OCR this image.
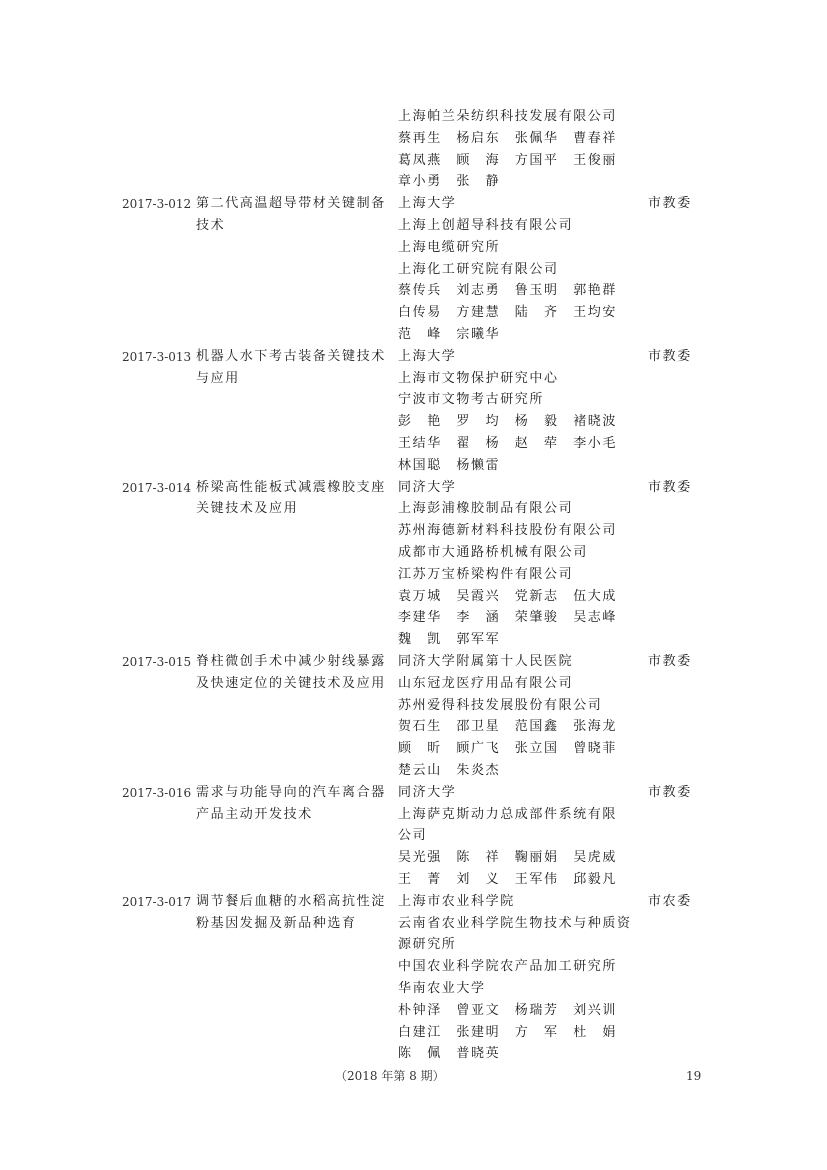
上海帕兰朵纺织科技发展有限公司
蔡再生　杨启东　张佩华　曹春祥
葛凤燕　顾　海　方国平　王俊丽
章小勇　张　静
2017-3-012 第二代高温超导带材关键制备
技术
市教委
上海大学
上海上创超导科技有限公司
上海电缆研究所
上海化工研究院有限公司
蔡传兵　刘志勇　鲁玉明　郭艳群
白传易　方建慧　陆　齐　王均安
范　峰　宗曦华
2017-3-013 机器人水下考古装备关键技术
与应用
市教委
上海大学
上海市文物保护研究中心
宁波市文物考古研究所
彭　艳　罗　均　杨　毅　褚晓波
王结华　翟　杨　赵　荦　李小毛
林国聪　杨懒雷
2017-3-014 桥梁高性能板式减震橡胶支座
关键技术及应用
市教委
同济大学
上海彭浦橡胶制品有限公司
苏州海德新材料科技股份有限公司
成都市大通路桥机械有限公司
江苏万宝桥梁构件有限公司
袁万城　吴霞兴　党新志　伍大成
李建华　李　涵　荣肇骏　吴志峰
魏　凯　郭军军
2017-3-015 脊柱微创手术中减少射线暴露
及快速定位的关键技术及应用
市教委
同济大学附属第十人民医院
山东冠龙医疗用品有限公司
苏州爱得科技发展股份有限公司
贺石生　邵卫星　范国鑫　张海龙
顾　昕　顾广飞　张立国　曾晓菲
楚云山　朱炎杰
2017-3-016 需求与功能导向的汽车离合器
产品主动开发技术
市教委
同济大学
上海萨克斯动力总成部件系统有限
公司
吴光强　陈　祥　鞠丽娟　吴虎威
王　菁　刘　义　王军伟　邱毅凡
2017-3-017 调节餐后血糖的水稻高抗性淀
粉基因发掘及新品种选育
市农委
上海市农业科学院
云南省农业科学院生物技术与种质资
源研究所
中国农业科学院农产品加工研究所
华南农业大学
朴钟泽　曾亚文　杨瑞芳　刘兴训
白建江　张建明　方　军　杜　娟
陈　佩　普晓英
（2018 年第 8 期）	19
